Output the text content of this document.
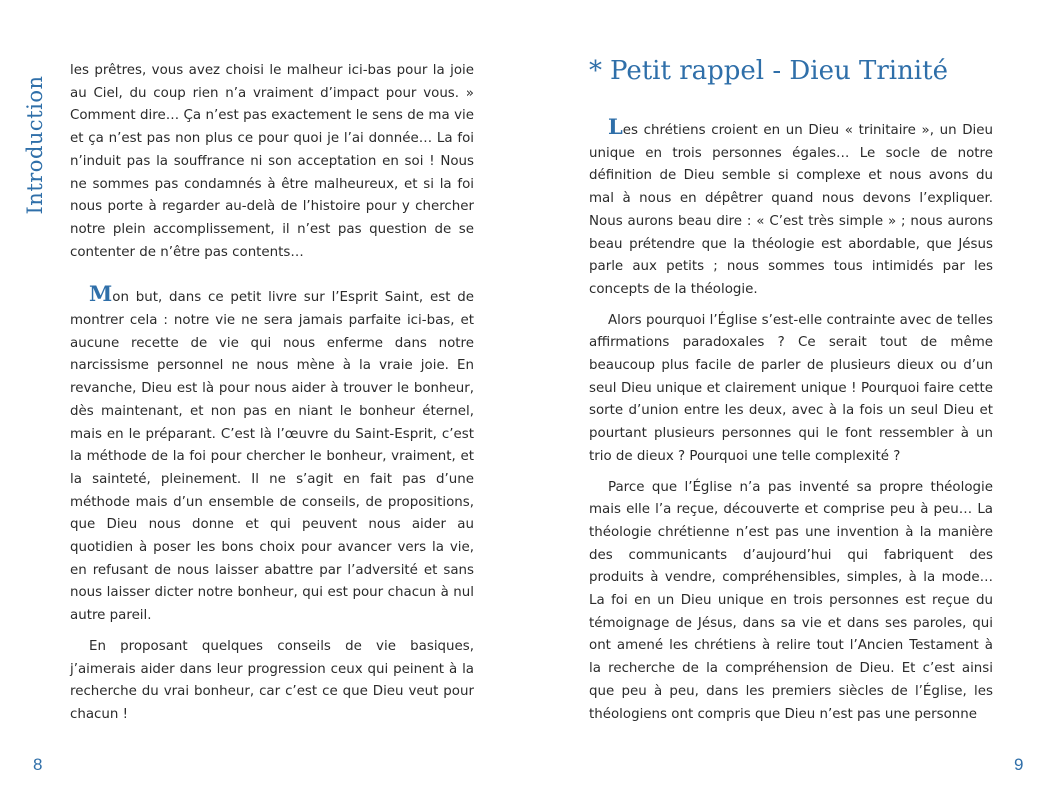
Introduction

les prêtres, vous avez choisi le malheur ici-bas pour la joie au Ciel, du coup rien n’a vraiment d’impact pour vous. » Comment dire… Ça n’est pas exactement le sens de ma vie et ça n’est pas non plus ce pour quoi je l’ai donnée… La foi n’induit pas la souffrance ni son acceptation en soi ! Nous ne sommes pas condamnés à être malheureux, et si la foi nous porte à regarder au-delà de l’histoire pour y chercher notre plein accomplissement, il n’est pas question de se contenter de n’être pas contents…

Mon but, dans ce petit livre sur l’Esprit Saint, est de montrer cela : notre vie ne sera jamais parfaite ici-bas, et aucune recette de vie qui nous enferme dans notre narcissisme personnel ne nous mène à la vraie joie. En revanche, Dieu est là pour nous aider à trouver le bonheur, dès maintenant, et non pas en niant le bonheur éternel, mais en le préparant. C’est là l’œuvre du Saint-Esprit, c’est la méthode de la foi pour chercher le bonheur, vraiment, et la sainteté, pleinement. Il ne s’agit en fait pas d’une méthode mais d’un ensemble de conseils, de propositions, que Dieu nous donne et qui peuvent nous aider au quotidien à poser les bons choix pour avancer vers la vie, en refusant de nous laisser abattre par l’adversité et sans nous laisser dicter notre bonheur, qui est pour chacun à nul autre pareil.

En proposant quelques conseils de vie basiques, j’aimerais aider dans leur progression ceux qui peinent à la recherche du vrai bonheur, car c’est ce que Dieu veut pour chacun !

8
* Petit rappel - Dieu Trinité

Les chrétiens croient en un Dieu « trinitaire », un Dieu unique en trois personnes égales… Le socle de notre définition de Dieu semble si complexe et nous avons du mal à nous en dépêtrer quand nous devons l’expliquer. Nous aurons beau dire : « C’est très simple » ; nous aurons beau prétendre que la théologie est abordable, que Jésus parle aux petits ; nous sommes tous intimidés par les concepts de la théologie.

Alors pourquoi l’Église s’est-elle contrainte avec de telles affirmations paradoxales ? Ce serait tout de même beaucoup plus facile de parler de plusieurs dieux ou d’un seul Dieu unique et clairement unique ! Pourquoi faire cette sorte d’union entre les deux, avec à la fois un seul Dieu et pourtant plusieurs personnes qui le font ressembler à un trio de dieux ? Pourquoi une telle complexité ?

Parce que l’Église n’a pas inventé sa propre théologie mais elle l’a reçue, découverte et comprise peu à peu… La théologie chrétienne n’est pas une invention à la manière des communicants d’aujourd’hui qui fabriquent des produits à vendre, compréhensibles, simples, à la mode… La foi en un Dieu unique en trois personnes est reçue du témoignage de Jésus, dans sa vie et dans ses paroles, qui ont amené les chrétiens à relire tout l’Ancien Testament à la recherche de la compréhension de Dieu. Et c’est ainsi que peu à peu, dans les premiers siècles de l’Église, les théologiens ont compris que Dieu n’est pas une personne

9
